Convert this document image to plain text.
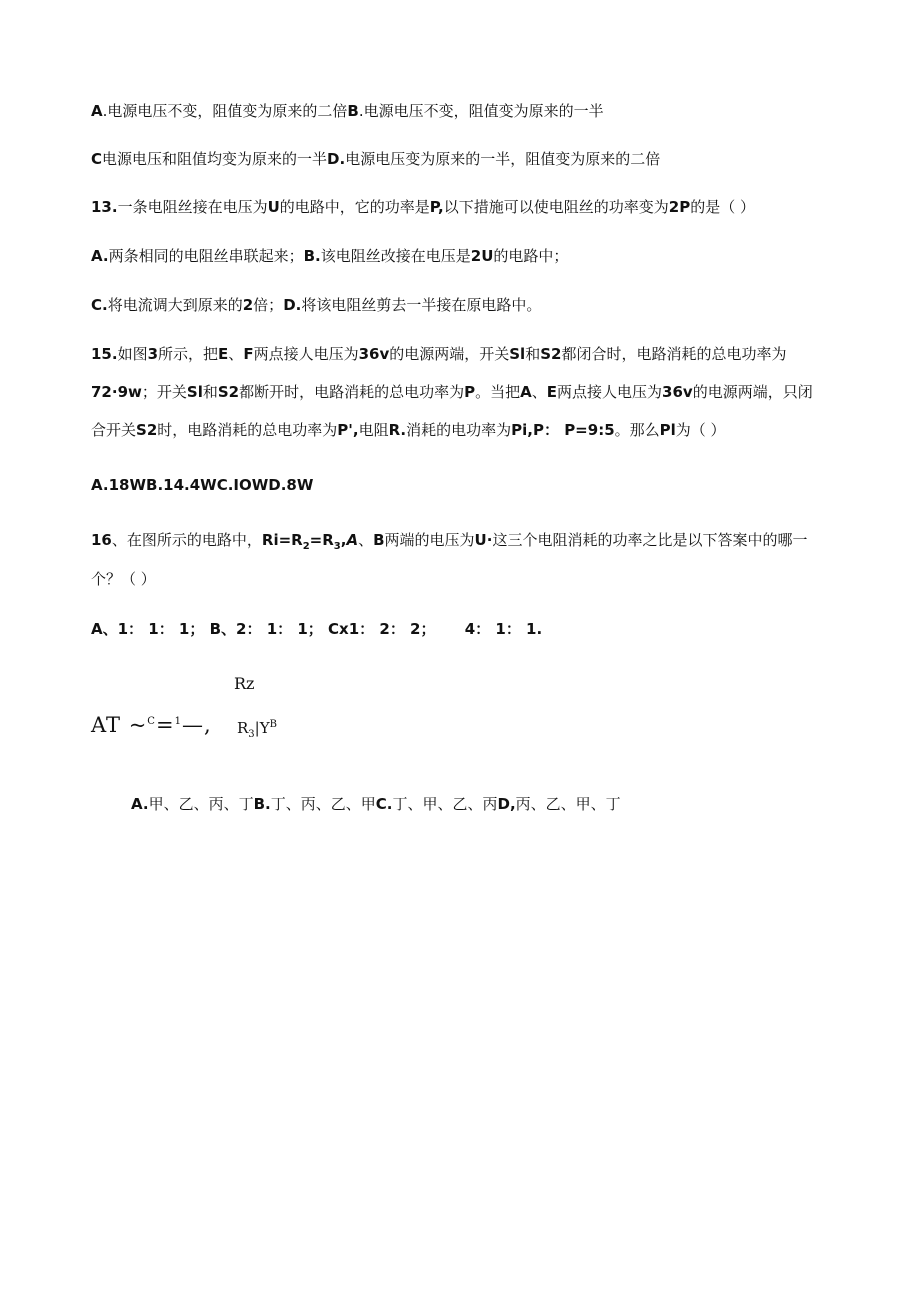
A.电源电压不变，阻值变为原来的二倍B.电源电压不变，阻值变为原来的一半
C电源电压和阻值均变为原来的一半D.电源电压变为原来的一半，阻值变为原来的二倍
13.一条电阻丝接在电压为U的电路中，它的功率是P,以下措施可以使电阻丝的功率变为2P的是（ ）
A.两条相同的电阻丝串联起来；B.该电阻丝改接在电压是2U的电路中；
C.将电流调大到原来的2倍；D.将该电阻丝剪去一半接在原电路中。
15.如图3所示，把E、F两点接人电压为36v的电源两端，开关Sl和S2都闭合时，电路消耗的总电功率为
72·9w；开关Sl和S2都断开时，电路消耗的总电功率为P。当把A、E两点接人电压为36v的电源两端，只闭
合开关S2时，电路消耗的总电功率为P',电阻R.消耗的电功率为Pi,P： P=9:5。那么Pl为（ ）
A.18WB.14.4WC.IOWD.8W
16、在图所示的电路中，$Ri=R_2=R_3,A$、B两端的电压为U·这三个电阻消耗的功率之比是以下答案中的哪一
个？（ ）
A、1： 1： 1； B、2： 1： 1； Cx1： 2： 2； 4： 1： 1.
Rz
AT ~$^C$=$^1$—, $R_3|Y^B$
A.甲、乙、丙、丁B.丁、丙、乙、甲C.丁、甲、乙、丙D,丙、乙、甲、丁
